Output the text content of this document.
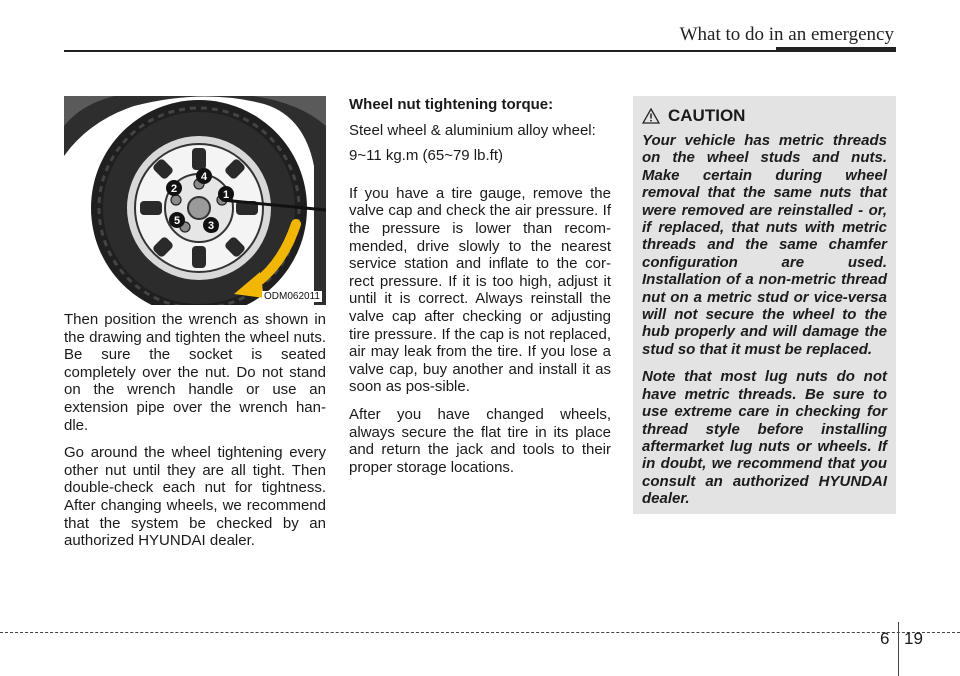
What to do in an emergency
1
2
3
4
5
ODM062011

Then position the wrench as shown in the drawing and tighten the wheel nuts. Be sure the socket is seated completely over the nut. Do not stand on the wrench handle or use an extension pipe over the wrench han-dle.

Go around the wheel tightening every other nut until they are all tight. Then double-check each nut for tightness. After changing wheels, we recommend that the system be checked by an authorized HYUNDAI dealer.

Wheel nut tightening torque:

Steel wheel & aluminium alloy wheel:

9~11 kg.m (65~79 lb.ft)

If you have a tire gauge, remove the valve cap and check the air pressure. If the pressure is lower than recom-mended, drive slowly to the nearest service station and inflate to the cor-rect pressure. If it is too high, adjust it until it is correct. Always reinstall the valve cap after checking or adjusting tire pressure. If the cap is not replaced, air may leak from the tire. If you lose a valve cap, buy another and install it as soon as pos-sible.

After you have changed wheels, always secure the flat tire in its place and return the jack and tools to their proper storage locations.

CAUTION

Your vehicle has metric threads on the wheel studs and nuts. Make certain during wheel removal that the same nuts that were removed are reinstalled - or, if replaced, that nuts with metric threads and the same chamfer configuration are used. Installation of a non-metric thread nut on a metric stud or vice-versa will not secure the wheel to the hub properly and will damage the stud so that it must be replaced.

Note that most lug nuts do not have metric threads. Be sure to use extreme care in checking for thread style before installing aftermarket lug nuts or wheels. If in doubt, we recommend that you consult an authorized HYUNDAI dealer.

6 19
